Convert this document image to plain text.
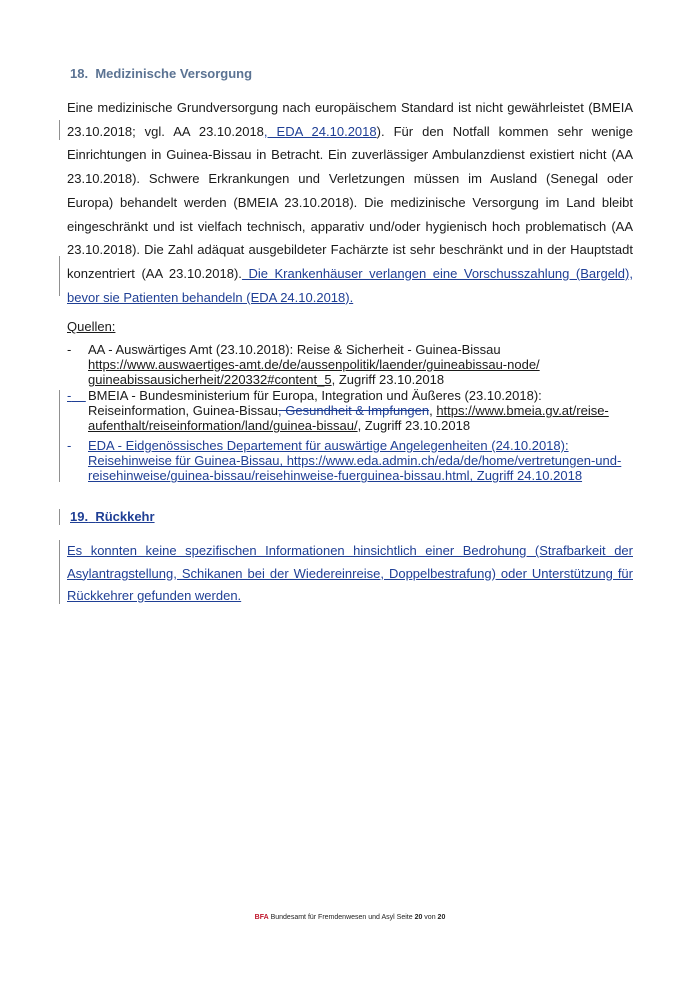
18. Medizinische Versorgung

Eine medizinische Grundversorgung nach europäischem Standard ist nicht gewährleistet (BMEIA 23.10.2018; vgl. AA 23.10.2018, EDA 24.10.2018). Für den Notfall kommen sehr wenige Einrichtungen in Guinea-Bissau in Betracht. Ein zuverlässiger Ambulanzdienst existiert nicht (AA 23.10.2018). Schwere Erkrankungen und Verletzungen müssen im Ausland (Senegal oder Europa) behandelt werden (BMEIA 23.10.2018). Die medizinische Versorgung im Land bleibt eingeschränkt und ist vielfach technisch, apparativ und/oder hygienisch hoch problematisch (AA 23.10.2018). Die Zahl adäquat ausgebildeter Fachärzte ist sehr beschränkt und in der Hauptstadt konzentriert (AA 23.10.2018). Die Krankenhäuser verlangen eine Vorschusszahlung (Bargeld), bevor sie Patienten behandeln (EDA 24.10.2018).

Quellen:
-	AA - Auswärtiges Amt (23.10.2018): Reise & Sicherheit - Guinea-Bissau
https://www.auswaertiges-amt.de/de/aussenpolitik/laender/guineabissau-node/
guineabissausicherheit/220332#content_5, Zugriff 23.10.2018
-	BMEIA - Bundesministerium für Europa, Integration und Äußeres (23.10.2018):
Reiseinformation, Guinea-Bissau, Gesundheit & Impfungen, https://www.bmeia.gv.at/reise-
aufenthalt/reiseinformation/land/guinea-bissau/, Zugriff 23.10.2018
-	EDA - Eidgenössisches Departement für auswärtige Angelegenheiten (24.10.2018):
Reisehinweise für Guinea-Bissau, https://www.eda.admin.ch/eda/de/home/vertretungen-und-
reisehinweise/guinea-bissau/reisehinweise-fuerguinea-bissau.html, Zugriff 24.10.2018
19. Rückkehr

Es konnten keine spezifischen Informationen hinsichtlich einer Bedrohung (Strafbarkeit der Asylantragstellung, Schikanen bei der Wiedereinreise, Doppelbestrafung) oder Unterstützung für Rückkehrer gefunden werden.

BFA Bundesamt für Fremdenwesen und Asyl Seite 20 von 20
